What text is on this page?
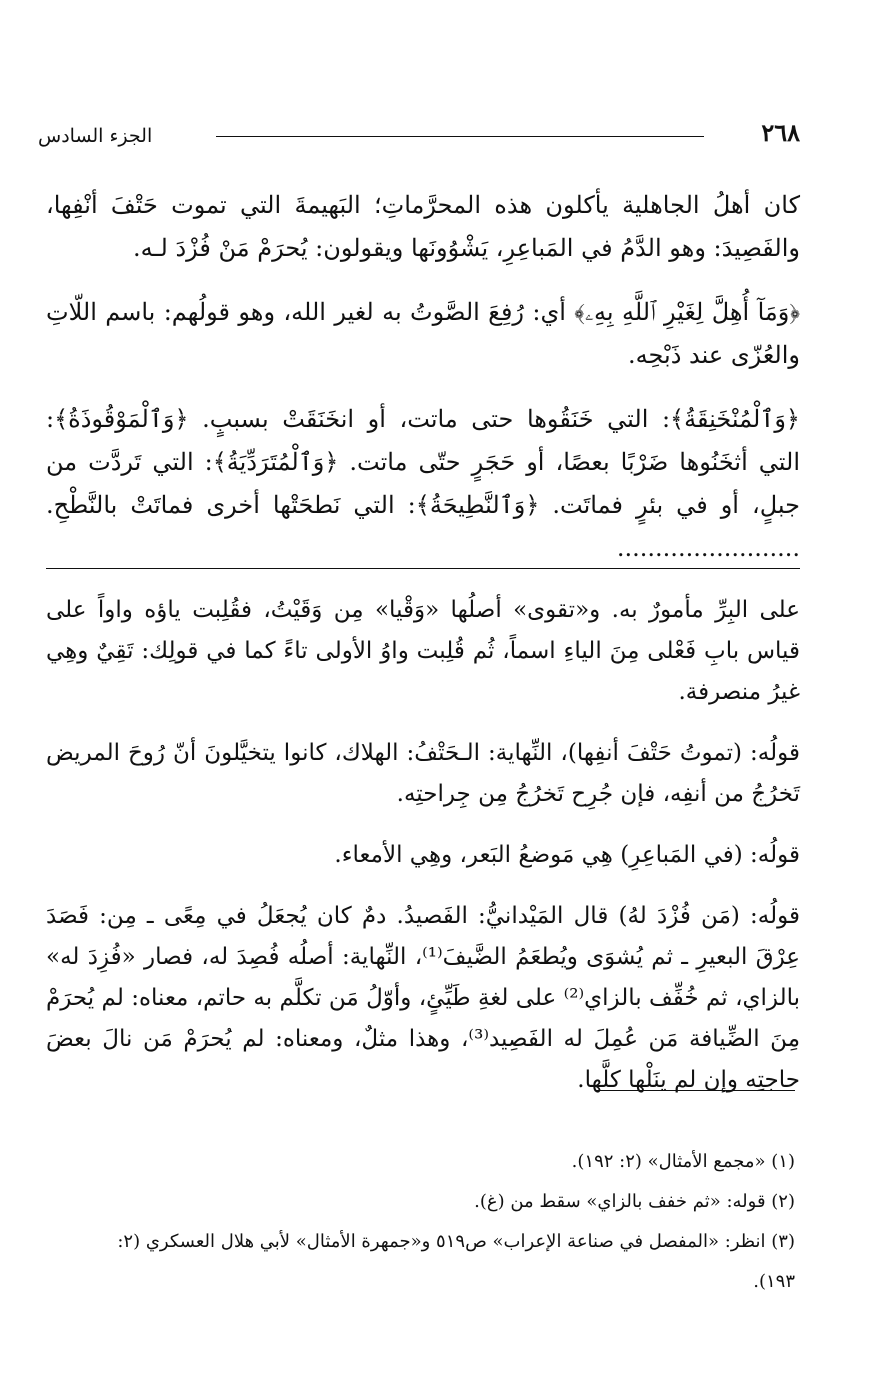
٢٦٨
الجزء السادس

كان أهلُ الجاهلية يأكلون هذه المحرَّماتِ؛ البَهيمةَ التي تموت حَتْفَ أنْفِها، والفَصِيدَ: وهو الدَّمُ في المَباعِرِ، يَشْوُونَها ويقولون: يُحرَمْ مَنْ فُزْدَ لـه.

﴿وَمَآ أُهِلَّ لِغَيْرِ ٱللَّهِ بِهِۦ﴾ أي: رُفِعَ الصَّوتُ به لغير الله، وهو قولُهم: باسم اللّاتِ والعُزّى عند ذَبْحِه.

﴿وَٱلْمُنْخَنِقَةُ﴾: التي خَنَقُوها حتى ماتت، أو انخَنَقَتْ بسببٍ. ﴿وَٱلْمَوْقُوذَةُ﴾: التي أثخَنُوها ضَرْبًا بعصًا، أو حَجَرٍ حتّى ماتت. ﴿وَٱلْمُتَرَدِّيَةُ﴾: التي تَردَّت من جبلٍ، أو في بئرٍ فماتَت. ﴿وَٱلنَّطِيحَةُ﴾: التي نَطحَتْها أخرى فماتَتْ بالنَّطْحِ. ........................

على البِرِّ مأمورٌ به. و«تقوى» أصلُها «وَقْيا» مِن وَقَيْتُ، فقُلِبت ياؤه واواً على قياس بابِ فَعْلى مِنَ الياءِ اسماً، ثُم قُلِبت واوُ الأولى تاءً كما في قولِك: تَقِيٌ وهِي غيرُ منصرفة.

قولُه: (تموتُ حَتْفَ أنفِها)، النِّهاية: الـحَتْفُ: الهلاك، كانوا يتخيَّلونَ أنّ رُوحَ المريض تَخرُجُ من أنفِه، فإن جُرِح تَخرُجُ مِن جِراحتِه.

قولُه: (في المَباعِرِ) هِي مَوضعُ البَعر، وهِي الأمعاء.

قولُه: (مَن فُزْدَ لهُ) قال المَيْدانيُّ: الفَصيدُ. دمٌ كان يُجعَلُ في مِعًى ـ مِن: فَصَدَ عِرْقَ البعيرِ ـ ثم يُشوَى ويُطعَمُ الضَّيفَ⁽¹⁾، النِّهاية: أصلُه فُصِدَ له، فصار «فُزِدَ له» بالزاي، ثم خُفِّف بالزاي⁽²⁾ على لغةِ طَيِّئٍ، وأوّلُ مَن تكلَّم به حاتم، معناه: لم يُحرَمْ مِنَ الضِّيافة مَن عُمِلَ له الفَصِيد⁽³⁾، وهذا مثلٌ، ومعناه: لم يُحرَمْ مَن نالَ بعضَ حاجتِه وإن لم ينَلْها كلَّها.

(١) «مجمع الأمثال» (٢: ١٩٢).

(٢) قوله: «ثم خفف بالزاي» سقط من (غ).

(٣) انظر: «المفصل في صناعة الإعراب» ص٥١٩ و«جمهرة الأمثال» لأبي هلال العسكري (٢: ١٩٣).
